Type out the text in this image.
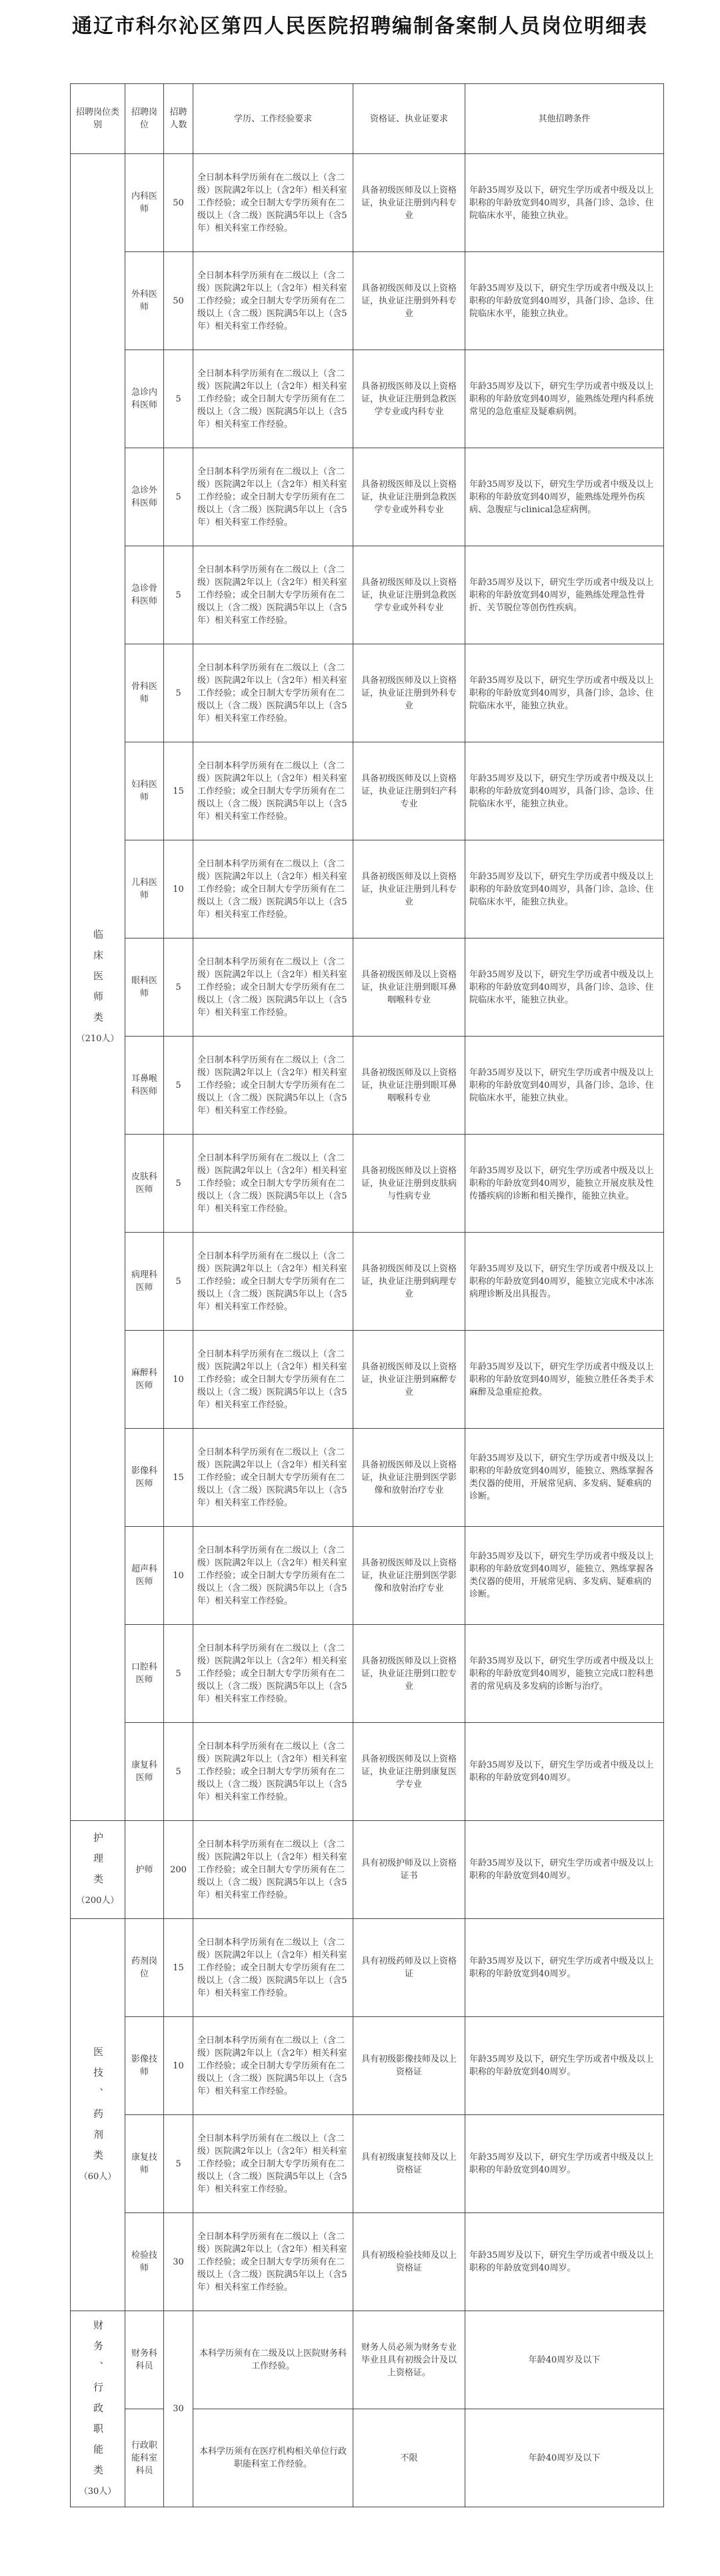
通辽市科尔沁区第四人民医院招聘编制备案制人员岗位明细表
招聘岗位类别	招聘岗位	招聘人数	学历、工作经验要求	资格证、执业证要求	其他招聘条件

临床医师类
（210人）	内科医师	50	全日制本科学历须有在二级以上（含二级）医院满2年以上（含2年）相关科室工作经验；或全日制大专学历须有在二级以上（含二级）医院满5年以上（含5年）相关科室工作经验。	具备初级医师及以上资格证，执业证注册到内科专业	年龄35周岁及以下，研究生学历或者中级及以上职称的年龄放宽到40周岁，具备门诊、急诊、住院临床水平，能独立执业。
	外科医师	50	全日制本科学历须有在二级以上（含二级）医院满2年以上（含2年）相关科室工作经验；或全日制大专学历须有在二级以上（含二级）医院满5年以上（含5年）相关科室工作经验。	具备初级医师及以上资格证，执业证注册到外科专业	年龄35周岁及以下，研究生学历或者中级及以上职称的年龄放宽到40周岁，具备门诊、急诊、住院临床水平，能独立执业。
	急诊内科医师	5	全日制本科学历须有在二级以上（含二级）医院满2年以上（含2年）相关科室工作经验；或全日制大专学历须有在二级以上（含二级）医院满5年以上（含5年）相关科室工作经验。	具备初级医师及以上资格证，执业证注册到急救医学专业或内科专业	年龄35周岁及以下，研究生学历或者中级及以上职称的年龄放宽到40周岁，能熟练处理内科系统常见的急危重症及疑难病例。
	急诊外科医师	5	全日制本科学历须有在二级以上（含二级）医院满2年以上（含2年）相关科室工作经验；或全日制大专学历须有在二级以上（含二级）医院满5年以上（含5年）相关科室工作经验。	具备初级医师及以上资格证，执业证注册到急救医学专业或外科专业	年龄35周岁及以下，研究生学历或者中级及以上职称的年龄放宽到40周岁，能熟练处理外伤疾病、急腹症与clinical急症病例。
	急诊骨科医师	5	全日制本科学历须有在二级以上（含二级）医院满2年以上（含2年）相关科室工作经验；或全日制大专学历须有在二级以上（含二级）医院满5年以上（含5年）相关科室工作经验。	具备初级医师及以上资格证，执业证注册到急救医学专业或外科专业	年龄35周岁及以下，研究生学历或者中级及以上职称的年龄放宽到40周岁，能熟练处理急性骨折、关节脱位等创伤性疾病。
	骨科医师	5	全日制本科学历须有在二级以上（含二级）医院满2年以上（含2年）相关科室工作经验；或全日制大专学历须有在二级以上（含二级）医院满5年以上（含5年）相关科室工作经验。	具备初级医师及以上资格证，执业证注册到外科专业	年龄35周岁及以下，研究生学历或者中级及以上职称的年龄放宽到40周岁，具备门诊、急诊、住院临床水平，能独立执业。
	妇科医师	15	全日制本科学历须有在二级以上（含二级）医院满2年以上（含2年）相关科室工作经验；或全日制大专学历须有在二级以上（含二级）医院满5年以上（含5年）相关科室工作经验。	具备初级医师及以上资格证，执业证注册到妇产科专业	年龄35周岁及以下，研究生学历或者中级及以上职称的年龄放宽到40周岁，具备门诊、急诊、住院临床水平，能独立执业。
	儿科医师	10	全日制本科学历须有在二级以上（含二级）医院满2年以上（含2年）相关科室工作经验；或全日制大专学历须有在二级以上（含二级）医院满5年以上（含5年）相关科室工作经验。	具备初级医师及以上资格证，执业证注册到儿科专业	年龄35周岁及以下，研究生学历或者中级及以上职称的年龄放宽到40周岁，具备门诊、急诊、住院临床水平，能独立执业。
	眼科医师	5	全日制本科学历须有在二级以上（含二级）医院满2年以上（含2年）相关科室工作经验；或全日制大专学历须有在二级以上（含二级）医院满5年以上（含5年）相关科室工作经验。	具备初级医师及以上资格证，执业证注册到眼耳鼻咽喉科专业	年龄35周岁及以下，研究生学历或者中级及以上职称的年龄放宽到40周岁，具备门诊、急诊、住院临床水平，能独立执业。
	耳鼻喉科医师	5	全日制本科学历须有在二级以上（含二级）医院满2年以上（含2年）相关科室工作经验；或全日制大专学历须有在二级以上（含二级）医院满5年以上（含5年）相关科室工作经验。	具备初级医师及以上资格证，执业证注册到眼耳鼻咽喉科专业	年龄35周岁及以下，研究生学历或者中级及以上职称的年龄放宽到40周岁，具备门诊、急诊、住院临床水平，能独立执业。
	皮肤科医师	5	全日制本科学历须有在二级以上（含二级）医院满2年以上（含2年）相关科室工作经验；或全日制大专学历须有在二级以上（含二级）医院满5年以上（含5年）相关科室工作经验。	具备初级医师及以上资格证，执业证注册到皮肤病与性病专业	年龄35周岁及以下，研究生学历或者中级及以上职称的年龄放宽到40周岁，能独立开展皮肤及性传播疾病的诊断和相关操作，能独立执业。
	病理科医师	5	全日制本科学历须有在二级以上（含二级）医院满2年以上（含2年）相关科室工作经验；或全日制大专学历须有在二级以上（含二级）医院满5年以上（含5年）相关科室工作经验。	具备初级医师及以上资格证，执业证注册到病理专业	年龄35周岁及以下，研究生学历或者中级及以上职称的年龄放宽到40周岁，能独立完成术中冰冻病理诊断及出具报告。
	麻醉科医师	10	全日制本科学历须有在二级以上（含二级）医院满2年以上（含2年）相关科室工作经验；或全日制大专学历须有在二级以上（含二级）医院满5年以上（含5年）相关科室工作经验。	具备初级医师及以上资格证，执业证注册到麻醉专业	年龄35周岁及以下，研究生学历或者中级及以上职称的年龄放宽到40周岁，能独立胜任各类手术麻醉及急重症抢救。
	影像科医师	15	全日制本科学历须有在二级以上（含二级）医院满2年以上（含2年）相关科室工作经验；或全日制大专学历须有在二级以上（含二级）医院满5年以上（含5年）相关科室工作经验。	具备初级医师及以上资格证，执业证注册到医学影像和放射治疗专业	年龄35周岁及以下，研究生学历或者中级及以上职称的年龄放宽到40周岁，能独立、熟练掌握各类仪器的使用，开展常见病、多发病、疑难病的诊断。
	超声科医师	10	全日制本科学历须有在二级以上（含二级）医院满2年以上（含2年）相关科室工作经验；或全日制大专学历须有在二级以上（含二级）医院满5年以上（含5年）相关科室工作经验。	具备初级医师及以上资格证，执业证注册到医学影像和放射治疗专业	年龄35周岁及以下，研究生学历或者中级及以上职称的年龄放宽到40周岁，能独立、熟练掌握各类仪器的使用，开展常见病、多发病、疑难病的诊断。
	口腔科医师	5	全日制本科学历须有在二级以上（含二级）医院满2年以上（含2年）相关科室工作经验；或全日制大专学历须有在二级以上（含二级）医院满5年以上（含5年）相关科室工作经验。	具备初级医师及以上资格证，执业证注册到口腔专业	年龄35周岁及以下，研究生学历或者中级及以上职称的年龄放宽到40周岁，能独立完成口腔科患者的常见病及多发病的诊断与治疗。
	康复科医师	5	全日制本科学历须有在二级以上（含二级）医院满2年以上（含2年）相关科室工作经验；或全日制大专学历须有在二级以上（含二级）医院满5年以上（含5年）相关科室工作经验。	具备初级医师及以上资格证，执业证注册到康复医学专业	年龄35周岁及以下，研究生学历或者中级及以上职称的年龄放宽到40周岁。

护理类
（200人）	护师	200	全日制本科学历须有在二级以上（含二级）医院满2年以上（含2年）相关科室工作经验；或全日制大专学历须有在二级以上（含二级）医院满5年以上（含5年）相关科室工作经验。	具有初级护师及以上资格证书	年龄35周岁及以下，研究生学历或者中级及以上职称的年龄放宽到40周岁。

医技、药剂类
（60人）	药剂岗位	15	全日制本科学历须有在二级以上（含二级）医院满2年以上（含2年）相关科室工作经验；或全日制大专学历须有在二级以上（含二级）医院满5年以上（含5年）相关科室工作经验。	具有初级药师及以上资格证	年龄35周岁及以下，研究生学历或者中级及以上职称的年龄放宽到40周岁。
	影像技师	10	全日制本科学历须有在二级以上（含二级）医院满2年以上（含2年）相关科室工作经验；或全日制大专学历须有在二级以上（含二级）医院满5年以上（含5年）相关科室工作经验。	具有初级影像技师及以上资格证	年龄35周岁及以下，研究生学历或者中级及以上职称的年龄放宽到40周岁。
	康复技师	5	全日制本科学历须有在二级以上（含二级）医院满2年以上（含2年）相关科室工作经验；或全日制大专学历须有在二级以上（含二级）医院满5年以上（含5年）相关科室工作经验。	具有初级康复技师及以上资格证	年龄35周岁及以下，研究生学历或者中级及以上职称的年龄放宽到40周岁。
	检验技师	30	全日制本科学历须有在二级以上（含二级）医院满2年以上（含2年）相关科室工作经验；或全日制大专学历须有在二级以上（含二级）医院满5年以上（含5年）相关科室工作经验。	具有初级检验技师及以上资格证	年龄35周岁及以下，研究生学历或者中级及以上职称的年龄放宽到40周岁。

财务、行政职能类
（30人）	财务科科员	30	本科学历须有在二级及以上医院财务科工作经验。	财务人员必须为财务专业毕业且具有初级会计及以上资格证。	年龄40周岁及以下
	行政职能科室科员		本科学历须有在医疗机构相关单位行政职能科室工作经验。	不限	年龄40周岁及以下
